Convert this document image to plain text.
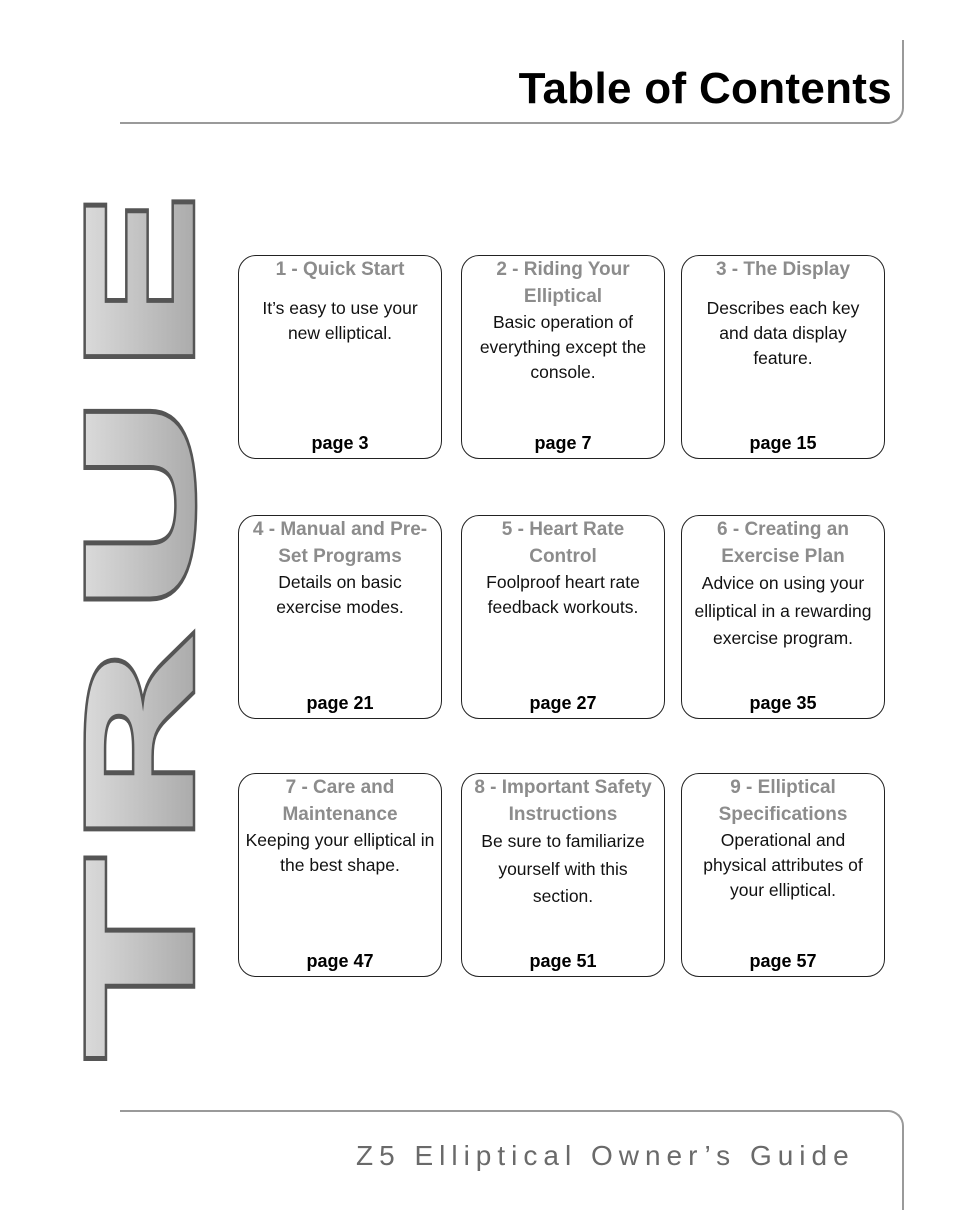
Table of Contents
TRUE
1 - Quick Start
It’s easy to use your new elliptical.
page 3
2 - Riding Your Elliptical
Basic operation of everything except the console.
page 7
3 - The Display
Describes each key and data display feature.
page 15
4 - Manual and Pre-Set Programs
Details on basic exercise modes.
page 21
5 - Heart Rate Control
Foolproof heart rate feedback workouts.
page 27
6 - Creating an Exercise Plan
Advice on using your elliptical in a rewarding exercise program.
page 35
7 - Care and Maintenance
Keeping your elliptical in the best shape.
page 47
8 - Important Safety Instructions
Be sure to familiarize yourself with this section.
page 51
9 - Elliptical Specifications
Operational and physical attributes of your elliptical.
page 57
Z5 Elliptical Owner’s Guide
